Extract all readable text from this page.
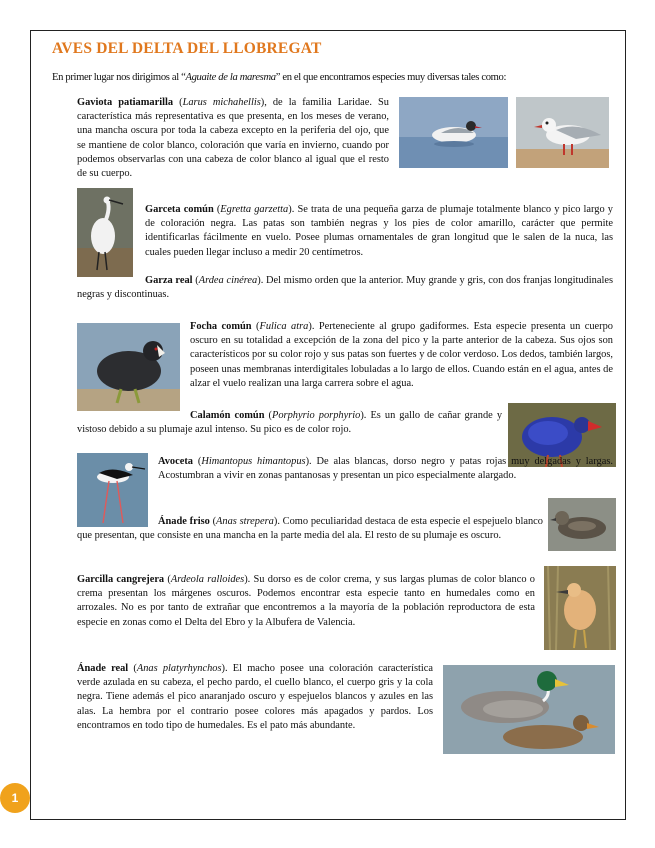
AVES DEL DELTA DEL LLOBREGAT

En primer lugar nos dirigimos al “Aguaite de la maresma” en el que encontramos especies muy diversas tales como:

Gaviota patiamarilla (Larus michahellis), de la familia Laridae. Su característica más representativa es que presenta, en los meses de verano, una mancha oscura por toda la cabeza excepto en la periferia del ojo, que se mantiene de color blanco, coloración que varía en invierno, cuando por podemos observarlas con una cabeza de color blanco al igual que el resto de su cuerpo.

Garceta común (Egretta garzetta). Se trata de una pequeña garza de plumaje totalmente blanco y pico largo y de coloración negra. Las patas son también negras y los pies de color amarillo, carácter que permite identificarlas fácilmente en vuelo. Posee plumas ornamentales de gran longitud que le salen de la nuca, las cuales pueden llegar incluso a medir 20 centímetros.

Garza real (Ardea cinérea). Del mismo orden que la anterior. Muy grande y gris, con dos franjas longitudinales negras y discontinuas.

Focha común (Fulica atra). Perteneciente al grupo gadiformes. Esta especie presenta un cuerpo oscuro en su totalidad a excepción de la zona del pico y la parte anterior de la cabeza. Sus ojos son característicos por su color rojo y sus patas son fuertes y de color verdoso. Los dedos, también largos, poseen unas membranas interdigitales lobuladas a lo largo de ellos. Cuando están en el agua, antes de alzar el vuelo realizan una larga carrera sobre el agua.

Calamón común (Porphyrio porphyrio). Es un gallo de cañar grande y vistoso debido a su plumaje azul intenso. Su pico es de color rojo.

Avoceta (Himantopus himantopus). De alas blancas, dorso negro y patas rojas muy delgadas y largas. Acostumbran a vivir en zonas pantanosas y presentan un pico especialmente alargado.

Ánade friso (Anas strepera). Como peculiaridad destaca de esta especie el espejuelo blanco que presentan, que consiste en una mancha en la parte media del ala. El resto de su plumaje es oscuro.

Garcilla cangrejera (Ardeola ralloides). Su dorso es de color crema, y sus largas plumas de color blanco o crema presentan los márgenes oscuros. Podemos encontrar esta especie tanto en humedales como en arrozales. No es por tanto de extrañar que encontremos a la mayoría de la población reproductora de esta especie en zonas como el Delta del Ebro y la Albufera de Valencia.

Ánade real (Anas platyrhynchos). El macho posee una coloración característica verde azulada en su cabeza, el pecho pardo, el cuello blanco, el cuerpo gris y la cola negra. Tiene además el pico anaranjado oscuro y espejuelos blancos y azules en las alas. La hembra por el contrario posee colores más apagados y pardos. Los encontramos en todo tipo de humedales. Es el pato más abundante.

1
